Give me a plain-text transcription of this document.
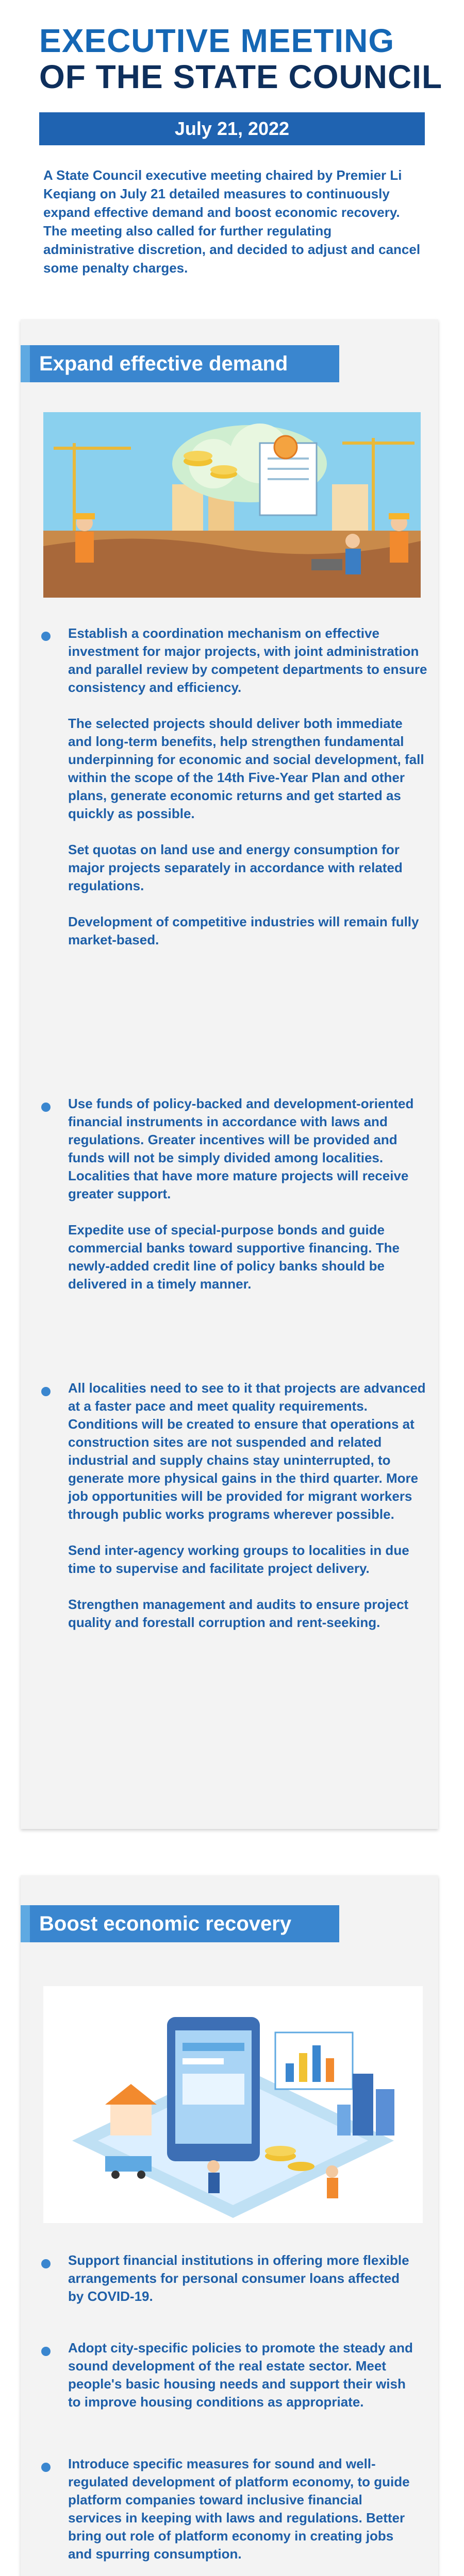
EXECUTIVE MEETING
OF THE STATE COUNCIL
July 21, 2022
A State Council executive meeting chaired by Premier Li Keqiang on July 21 detailed measures to continuously expand effective demand and boost economic recovery. The meeting also called for further regulating administrative discretion, and decided to adjust and cancel some penalty charges.
Expand effective demand

Establish a coordination mechanism on effective investment for major projects, with joint administration and parallel review by competent departments to ensure consistency and efficiency.

The selected projects should deliver both immediate and long-term benefits, help strengthen fundamental underpinning for economic and social development, fall within the scope of the 14th Five-Year Plan and other plans, generate economic returns and get started as quickly as possible.

Set quotas on land use and energy consumption for major projects separately in accordance with related regulations.

Development of competitive industries will remain fully market-based.

Use funds of policy-backed and development-oriented financial instruments in accordance with laws and regulations. Greater incentives will be provided and funds will not be simply divided among localities. Localities that have more mature projects will receive greater support.

Expedite use of special-purpose bonds and guide commercial banks toward supportive financing. The newly-added credit line of policy banks should be delivered in a timely manner.

All localities need to see to it that projects are advanced at a faster pace and meet quality requirements. Conditions will be created to ensure that operations at construction sites are not suspended and related industrial and supply chains stay uninterrupted, to generate more physical gains in the third quarter. More job opportunities will be provided for migrant workers through public works programs wherever possible.

Send inter-agency working groups to localities in due time to supervise and facilitate project delivery.

Strengthen management and audits to ensure project quality and forestall corruption and rent-seeking.

Boost economic recovery

Support financial institutions in offering more flexible arrangements for personal consumer loans affected by COVID-19.

Adopt city-specific policies to promote the steady and sound development of the real estate sector. Meet people's basic housing needs and support their wish to improve housing conditions as appropriate.

Introduce specific measures for sound and well-regulated development of platform economy, to guide platform companies toward inclusive financial services in keeping with laws and regulations. Better bring out role of platform economy in creating jobs and spurring consumption.
